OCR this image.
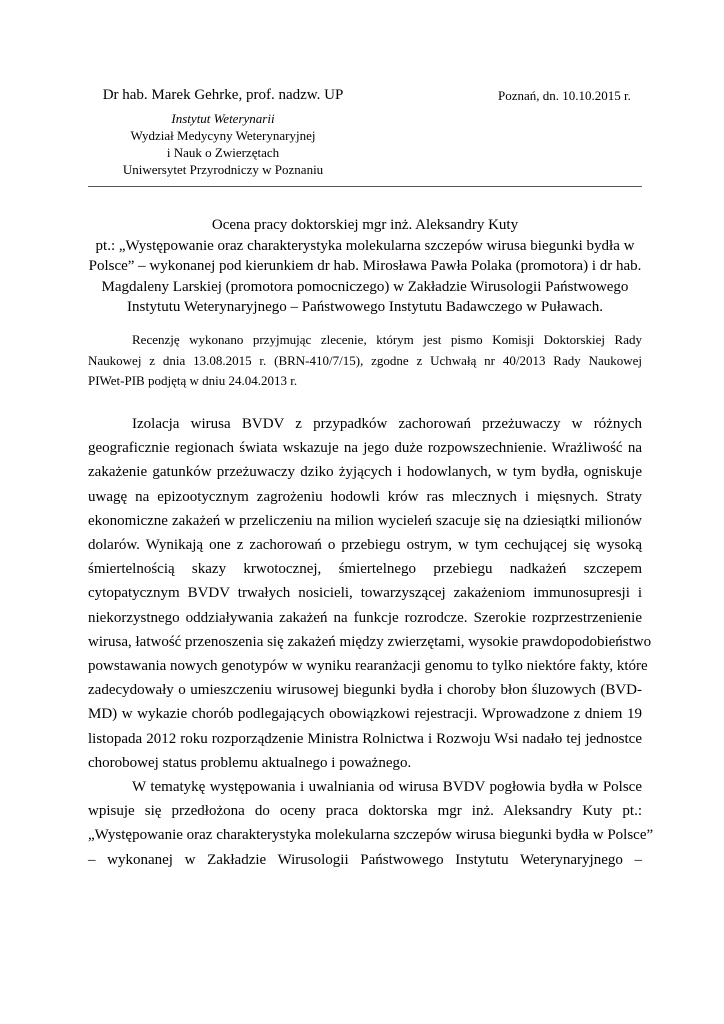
Dr hab. Marek Gehrke, prof. nadzw. UP
Instytut Weterynarii
Wydział Medycyny Weterynaryjnej
i Nauk o Zwierzętach
Uniwersytet Przyrodniczy w Poznaniu
Poznań, dn. 10.10.2015 r.
Ocena pracy doktorskiej mgr inż. Aleksandry Kuty
pt.: „Występowanie oraz charakterystyka molekularna szczepów wirusa biegunki bydła w
Polsce” – wykonanej pod kierunkiem dr hab. Mirosława Pawła Polaka (promotora) i dr hab.
Magdaleny Larskiej (promotora pomocniczego) w Zakładzie Wirusologii Państwowego
Instytutu Weterynaryjnego – Państwowego Instytutu Badawczego w Puławach.
Recenzję wykonano przyjmując zlecenie, którym jest pismo Komisji Doktorskiej Rady
Naukowej z dnia 13.08.2015 r. (BRN-410/7/15), zgodne z Uchwałą nr 40/2013 Rady Naukowej
PIWet-PIB podjętą w dniu 24.04.2013 r.
Izolacja wirusa BVDV z przypadków zachorowań przeżuwaczy w różnych
geograficznie regionach świata wskazuje na jego duże rozpowszechnienie. Wrażliwość na
zakażenie gatunków przeżuwaczy dziko żyjących i hodowlanych, w tym bydła, ogniskuje
uwagę na epizootycznym zagrożeniu hodowli krów ras mlecznych i mięsnych. Straty
ekonomiczne zakażeń w przeliczeniu na milion wycieleń szacuje się na dziesiątki milionów
dolarów. Wynikają one z zachorowań o przebiegu ostrym, w tym cechującej się wysoką
śmiertelnością skazy krwotocznej, śmiertelnego przebiegu nadkażeń szczepem
cytopatycznym BVDV trwałych nosicieli, towarzyszącej zakażeniom immunosupresji i
niekorzystnego oddziaływania zakażeń na funkcje rozrodcze. Szerokie rozprzestrzenienie
wirusa, łatwość przenoszenia się zakażeń między zwierzętami, wysokie prawdopodobieństwo
powstawania nowych genotypów w wyniku rearanżacji genomu to tylko niektóre fakty, które
zadecydowały o umieszczeniu wirusowej biegunki bydła i choroby błon śluzowych (BVD-
MD) w wykazie chorób podlegających obowiązkowi rejestracji. Wprowadzone z dniem 19
listopada 2012 roku rozporządzenie Ministra Rolnictwa i Rozwoju Wsi nadało tej jednostce
chorobowej status problemu aktualnego i poważnego.
W tematykę występowania i uwalniania od wirusa BVDV pogłowia bydła w Polsce
wpisuje się przedłożona do oceny praca doktorska mgr inż. Aleksandry Kuty pt.:
„Występowanie oraz charakterystyka molekularna szczepów wirusa biegunki bydła w Polsce”
– wykonanej w Zakładzie Wirusologii Państwowego Instytutu Weterynaryjnego –
